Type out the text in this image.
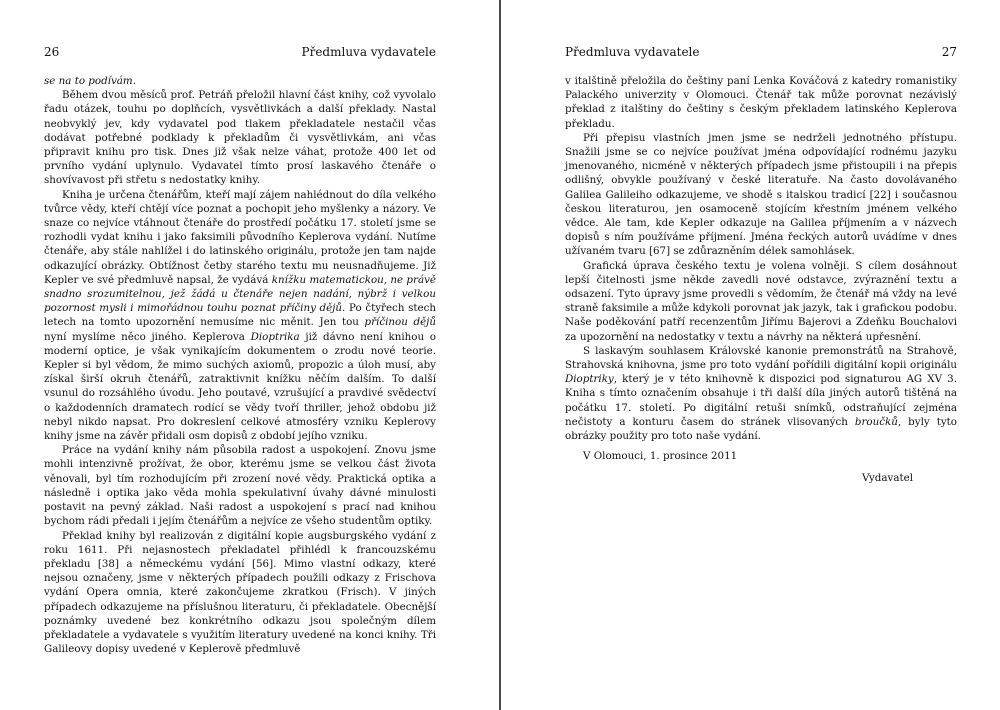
26	Předmluva vydavatele

se na to podívám.

Během dvou měsíců prof. Petráň přeložil hlavní část knihy, což vyvolalo řadu otázek, touhu po doplňcích, vysvětlivkách a další překlady. Nastal neobvyklý jev, kdy vydavatel pod tlakem překladatele nestačil včas dodávat potřebné podklady k překladům či vysvětlivkám, ani včas připravit knihu pro tisk. Dnes již však nelze váhat, protože 400 let od prvního vydání uplynulo. Vydavatel tímto prosí laskavého čtenáře o shovívavost při střetu s nedostatky knihy.

Kniha je určena čtenářům, kteří mají zájem nahlédnout do díla velkého tvůrce vědy, kteří chtějí více poznat a pochopit jeho myšlenky a názory. Ve snaze co nejvíce vtáhnout čtenáře do prostředí počátku 17. století jsme se rozhodli vydat knihu i jako faksimili původního Keplerova vydání. Nutíme čtenáře, aby stále nahlížel i do latinského originálu, protože jen tam najde odkazující obrázky. Obtížnost četby starého textu mu neusnadňujeme. Již Kepler ve své předmluvě napsal, že vydává knížku matematickou, ne právě snadno srozumitelnou, jež žádá u čtenáře nejen nadání, nýbrž i velkou pozornost mysli i mimořádnou touhu poznat příčiny dějů. Po čtyřech stech letech na tomto upozornění nemusíme nic měnit. Jen tou příčinou dějů nyní myslíme něco jiného. Keplerova Dioptrika již dávno není knihou o moderní optice, je však vynikajícím dokumentem o zrodu nové teorie. Kepler si byl vědom, že mimo suchých axiomů, propozic a úloh musí, aby získal širší okruh čtenářů, zatraktivnit knížku něčím dalším. To další vsunul do rozsáhlého úvodu. Jeho poutavé, vzrušující a pravdivé svědectví o každodenních dramatech rodící se vědy tvoří thriller, jehož obdobu již nebyl nikdo napsat. Pro dokreslení celkové atmosféry vzniku Keplerovy knihy jsme na závěr přidali osm dopisů z období jejího vzniku.

Práce na vydání knihy nám působila radost a uspokojení. Znovu jsme mohli intenzivně prožívat, že obor, kterému jsme se velkou část života věnovali, byl tím rozhodujícím při zrození nové vědy. Praktická optika a následně i optika jako věda mohla spekulativní úvahy dávné minulosti postavit na pevný základ. Naši radost a uspokojení s prací nad knihou bychom rádi předali i jejím čtenářům a nejvíce ze všeho studentům optiky.

Překlad knihy byl realizován z digitální kopie augsburgského vydání z roku 1611. Při nejasnostech překladatel přihlédl k francouzskému překladu [38] a německému vydání [56]. Mimo vlastní odkazy, které nejsou označeny, jsme v některých případech použili odkazy z Frischova vydání Opera omnia, které zakončujeme zkratkou (Frisch). V jiných případech odkazujeme na příslušnou literaturu, či překladatele. Obecnější poznámky uvedené bez konkrétního odkazu jsou společným dílem překladatele a vydavatele s využitím literatury uvedené na konci knihy. Tři Galileovy dopisy uvedené v Keplerově předmluvě

Předmluva vydavatele	27

v italštině přeložila do češtiny paní Lenka Kováčová z katedry romanistiky Palackého univerzity v Olomouci. Čtenář tak může porovnat nezávislý překlad z italštiny do češtiny s českým překladem latinského Keplerova překladu.

Při přepisu vlastních jmen jsme se nedrželi jednotného přístupu. Snažili jsme se co nejvíce používat jména odpovídající rodnému jazyku jmenovaného, nicméně v některých případech jsme přistoupili i na přepis odlišný, obvykle používaný v české literatuře. Na často dovolávaného Galilea Galileiho odkazujeme, ve shodě s italskou tradicí [22] i současnou českou literaturou, jen osamoceně stojícím křestním jménem velkého vědce. Ale tam, kde Kepler odkazuje na Galilea příjmením a v názvech dopisů s ním používáme příjmení. Jména řeckých autorů uvádíme v dnes užívaném tvaru [67] se zdůrazněním délek samohlásek.

Grafická úprava českého textu je volena volněji. S cílem dosáhnout lepší čitelnosti jsme někde zavedli nové odstavce, zvýraznění textu a odsazení. Tyto úpravy jsme provedli s vědomím, že čtenář má vždy na levé straně faksimile a může kdykoli porovnat jak jazyk, tak i grafickou podobu. Naše poděkování patří recenzentům Jiřímu Bajerovi a Zdeňku Bouchalovi za upozornění na nedostatky v textu a návrhy na některá upřesnění.

S laskavým souhlasem Královské kanonie premonstrátů na Strahově, Strahovská knihovna, jsme pro toto vydání pořídili digitální kopii originálu Dioptriky, který je v této knihovně k dispozici pod signaturou AG XV 3. Kniha s tímto označením obsahuje i tři další díla jiných autorů tištěná na počátku 17. století. Po digitální retuši snímků, odstraňující zejména nečistoty a konturu časem do stránek vlisovaných broučků, byly tyto obrázky použity pro toto naše vydání.

V Olomouci, 1. prosince 2011

Vydavatel
